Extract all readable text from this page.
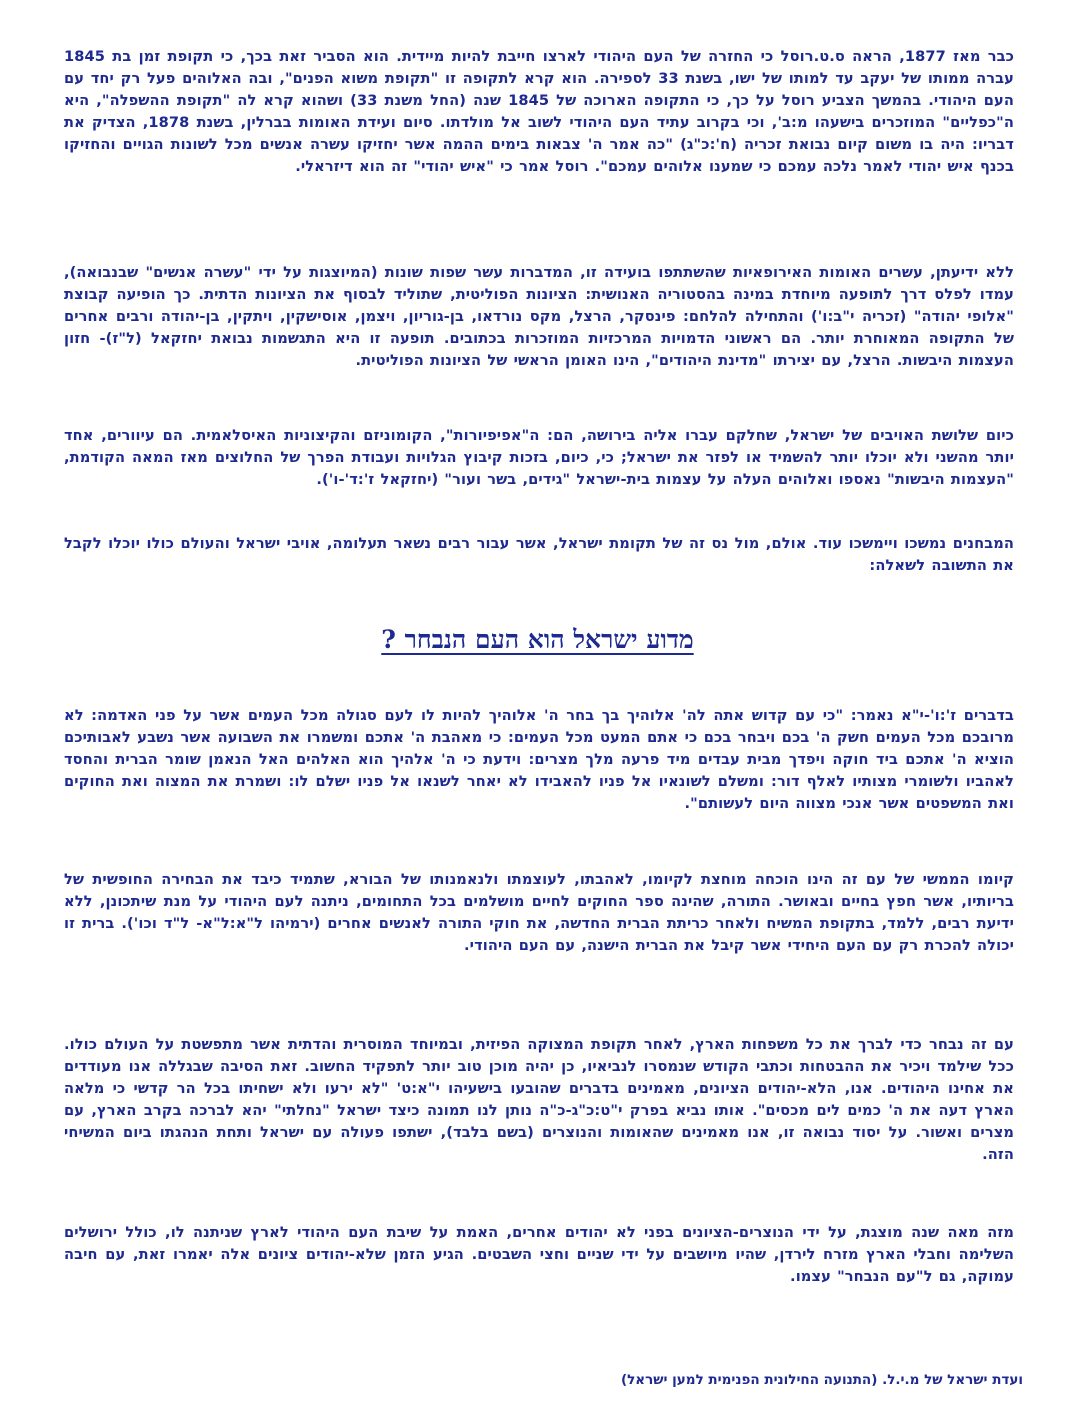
כבר מאז 1877, הראה ס.ט.רוסל כי החזרה של העם היהודי לארצו חייבת להיות מיידית. הוא הסביר זאת בכך, כי תקופת זמן בת 1845 עברה ממותו של יעקב עד למותו של ישו, בשנת 33 לספירה. הוא קרא לתקופה זו "תקופת משוא הפנים", ובה האלוהים פעל רק יחד עם העם היהודי. בהמשך הצביע רוסל על כך, כי התקופה הארוכה של 1845 שנה (החל משנת 33) ושהוא קרא לה "תקופת ההשפלה", היא ה"כפליים" המוזכרים בישעהו מ:ב', וכי בקרוב עתיד העם היהודי לשוב אל מולדתו. סיום ועידת האומות בברלין, בשנת 1878, הצדיק את דבריו: היה בו משום קיום נבואת זכריה (ח':כ"ג) "כה אמר ה' צבאות בימים ההמה אשר יחזיקו עשרה אנשים מכל לשונות הגויים והחזיקו בכנף איש יהודי לאמר נלכה עמכם כי שמענו אלוהים עמכם". רוסל אמר כי "איש יהודי" זה הוא דיזראלי.

ללא ידיעתן, עשרים האומות האירופאיות שהשתתפו בועידה זו, המדברות עשר שפות שונות (המיוצגות על ידי "עשרה אנשים" שבנבואה), עמדו לפלס דרך לתופעה מיוחדת במינה בהסטוריה האנושית: הציונות הפוליטית, שתוליד לבסוף את הציונות הדתית. כך הופיעה קבוצת "אלופי יהודה" (זכריה י"ב:ו') והתחילה להלחם: פינסקר, הרצל, מקס נורדאו, בן-גוריון, ויצמן, אוסישקין, ויתקין, בן-יהודה ורבים אחרים של התקופה המאוחרת יותר. הם ראשוני הדמויות המרכזיות המוזכרות בכתובים. תופעה זו היא התגשמות נבואת יחזקאל (ל"ז)- חזון העצמות היבשות. הרצל, עם יצירתו "מדינת היהודים", הינו האומן הראשי של הציונות הפוליטית.

כיום שלושת האויבים של ישראל, שחלקם עברו אליה בירושה, הם: ה"אפיפיורות", הקומוניזם והקיצוניות האיסלאמית. הם עיוורים, אחד יותר מהשני ולא יוכלו יותר להשמיד או לפזר את ישראל; כי, כיום, בזכות קיבוץ הגלויות ועבודת הפרך של החלוצים מאז המאה הקודמת, "העצמות היבשות" נאספו ואלוהים העלה על עצמות בית-ישראל "גידים, בשר ועור" (יחזקאל ז':ד'-ו').

המבחנים נמשכו ויימשכו עוד. אולם, מול נס זה של תקומת ישראל, אשר עבור רבים נשאר תעלומה, אויבי ישראל והעולם כולו יוכלו לקבל את התשובה לשאלה:

מדוע ישראל הוא העם הנבחר ?

בדברים ז':ו'-י"א נאמר: "כי עם קדוש אתה לה' אלוהיך בך בחר ה' אלוהיך להיות לו לעם סגולה מכל העמים אשר על פני האדמה: לא מרובכם מכל העמים חשק ה' בכם ויבחר בכם כי אתם המעט מכל העמים: כי מאהבת ה' אתכם ומשמרו את השבועה אשר נשבע לאבותיכם הוציא ה' אתכם ביד חוקה ויפדך מבית עבדים מיד פרעה מלך מצרים: וידעת כי ה' אלהיך הוא האלהים האל הנאמן שומר הברית והחסד לאהביו ולשומרי מצותיו לאלף דור: ומשלם לשונאיו אל פניו להאבידו לא יאחר לשנאו אל פניו ישלם לו: ושמרת את המצוה ואת החוקים ואת המשפטים אשר אנכי מצווה היום לעשותם".

קיומו הממשי של עם זה הינו הוכחה מוחצת לקיומו, לאהבתו, לעוצמתו ולנאמנותו של הבורא, שתמיד כיבד את הבחירה החופשית של בריותיו, אשר חפץ בחיים ובאושר. התורה, שהינה ספר החוקים לחיים מושלמים בכל התחומים, ניתנה לעם היהודי על מנת שיתכונן, ללא ידיעת רבים, ללמד, בתקופת המשיח ולאחר כריתת הברית החדשה, את חוקי התורה לאנשים אחרים (ירמיהו ל"א:ל"א- ל"ד וכו'). ברית זו יכולה להכרת רק עם העם היחידי אשר קיבל את הברית הישנה, עם העם היהודי.

עם זה נבחר כדי לברך את כל משפחות הארץ, לאחר תקופת המצוקה הפיזית, ובמיוחד המוסרית והדתית אשר מתפשטת על העולם כולו. ככל שילמד ויכיר את ההבטחות וכתבי הקודש שנמסרו לנביאיו, כן יהיה מוכן טוב יותר לתפקיד החשוב. זאת הסיבה שבגללה אנו מעודדים את אחינו היהודים. אנו, הלא-יהודים הציונים, מאמינים בדברים שהובעו בישעיהו י"א:ט' "לא ירעו ולא ישחיתו בכל הר קדשי כי מלאה הארץ דעה את ה' כמים לים מכסים". אותו נביא בפרק י"ט:כ"ג-כ"ה נותן לנו תמונה כיצד ישראל "נחלתי" יהא לברכה בקרב הארץ, עם מצרים ואשור. על יסוד נבואה זו, אנו מאמינים שהאומות והנוצרים (בשם בלבד), ישתפו פעולה עם ישראל ותחת הנהגתו ביום המשיחי הזה.

מזה מאה שנה מוצגת, על ידי הנוצרים-הציונים בפני לא יהודים אחרים, האמת על שיבת העם היהודי לארץ שניתנה לו, כולל ירושלים השלימה וחבלי הארץ מזרח לירדן, שהיו מיושבים על ידי שניים וחצי השבטים. הגיע הזמן שלא-יהודים ציונים אלה יאמרו זאת, עם חיבה עמוקה, גם ל"עם הנבחר" עצמו.

ועדת ישראל של מ.י.ל. (התנועה החילונית הפנימית למען ישראל)
